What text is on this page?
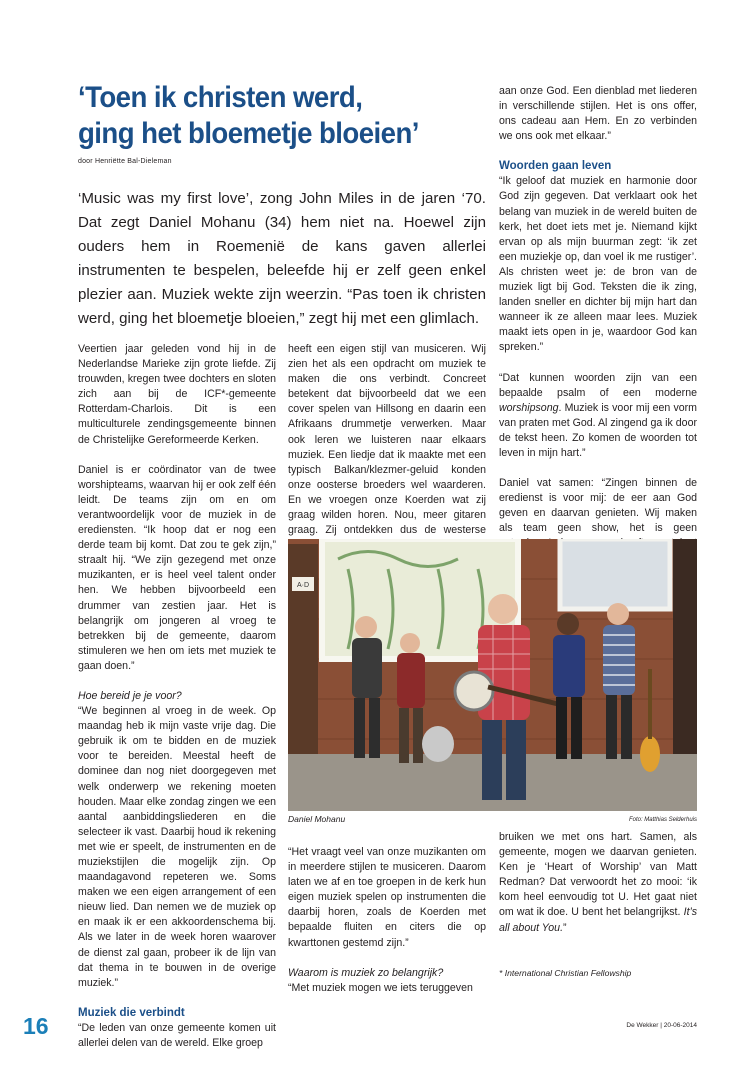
‘Toen ik christen werd,
ging het bloemetje bloeien’
door Henriëtte Bal-Dieleman

‘Music was my first love’, zong John Miles in de jaren ‘70. Dat zegt Daniel Mohanu (34) hem niet na. Hoewel zijn ouders hem in Roemenië de kans gaven allerlei instrumenten te bespelen, beleefde hij er zelf geen enkel plezier aan. Muziek wekte zijn weerzin. “Pas toen ik christen werd, ging het bloemetje bloeien,” zegt hij met een glimlach.

Veertien jaar geleden vond hij in de Nederlandse Marieke zijn grote liefde. Zij trouwden, kregen twee dochters en sloten zich aan bij de ICF*-gemeente Rotterdam-Charlois. Dit is een multiculturele zendingsgemeente binnen de Christelijke Gereformeerde Kerken.

Daniel is er coördinator van de twee worshipteams, waarvan hij er ook zelf één leidt. De teams zijn om en om verantwoordelijk voor de muziek in de erediensten. “Ik hoop dat er nog een derde team bij komt. Dat zou te gek zijn,” straalt hij. “We zijn gezegend met onze muzikanten, er is heel veel talent onder hen. We hebben bijvoorbeeld een drummer van zestien jaar. Het is belangrijk om jongeren al vroeg te betrekken bij de gemeente, daarom stimuleren we hen om iets met muziek te gaan doen.”

Hoe bereid je je voor?

“We beginnen al vroeg in de week. Op maandag heb ik mijn vaste vrije dag. Die gebruik ik om te bidden en de muziek voor te bereiden. Meestal heeft de dominee dan nog niet doorgegeven met welk onderwerp we rekening moeten houden. Maar elke zondag zingen we een aantal aanbiddingsliederen en die selecteer ik vast. Daarbij houd ik rekening met wie er speelt, de instrumenten en de muziekstijlen die mogelijk zijn. Op maandagavond repeteren we. Soms maken we een eigen arrangement of een nieuw lied. Dan nemen we de muziek op en maak ik er een akkoordenschema bij. Als we later in de week horen waarover de dienst zal gaan, probeer ik de lijn van dat thema in te bouwen in de overige muziek.”

Muziek die verbindt

“De leden van onze gemeente komen uit allerlei delen van de wereld. Elke groep

heeft een eigen stijl van musiceren. Wij zien het als een opdracht om muziek te maken die ons verbindt. Concreet betekent dat bijvoorbeeld dat we een cover spelen van Hillsong en daarin een Afrikaans drummetje verwerken. Maar ook leren we luisteren naar elkaars muziek. Een liedje dat ik maakte met een typisch Balkan/klezmer-geluid konden onze oosterse broeders wel waarderen. En we vroegen onze Koerden wat zij graag wilden horen. Nou, meer gitaren graag. Zij ontdekken dus de westerse

“Het vraagt veel van onze muzikanten om in meerdere stijlen te musiceren. Daarom laten we af en toe groepen in de kerk hun eigen muziek spelen op instrumenten die daarbij horen, zoals de Koerden met bepaalde fluiten en citers die op kwarttonen gestemd zijn.”

Waarom is muziek zo belangrijk?

“Met muziek mogen we iets teruggeven

aan onze God. Een dienblad met liederen in verschillende stijlen. Het is ons offer, ons cadeau aan Hem. En zo verbinden we ons ook met elkaar.”

Woorden gaan leven

“Ik geloof dat muziek en harmonie door God zijn gegeven. Dat verklaart ook het belang van muziek in de wereld buiten de kerk, het doet iets met je. Niemand kijkt ervan op als mijn buurman zegt: ‘ik zet een muziekje op, dan voel ik me rustiger’. Als christen weet je: de bron van de muziek ligt bij God. Teksten die ik zing, landen sneller en dichter bij mijn hart dan wanneer ik ze alleen maar lees. Muziek maakt iets open in je, waardoor God kan spreken.”

“Dat kunnen woorden zijn van een bepaalde psalm of een moderne worshipsong. Muziek is voor mij een vorm van praten met God. Al zingend ga ik door de tekst heen. Zo komen de woorden tot leven in mijn hart.”

Daniel vat samen: “Zingen binnen de eredienst is voor mij: de eer aan God geven en daarvan genieten. Wij maken als team geen show, het is geen

bruiken we met ons hart. Samen, als gemeente, mogen we daarvan genieten. Ken je ‘Heart of Worship’ van Matt Redman? Dat verwoordt het zo mooi: ‘ik kom heel eenvoudig tot U. Het gaat niet om wat ik doe. U bent het belangrijkst. It’s all about You.”

A·D
Daniel Mohanu	Foto: Matthias Selderhuis
* International Christian Fellowship
16	De Wekker | 20-06-2014
